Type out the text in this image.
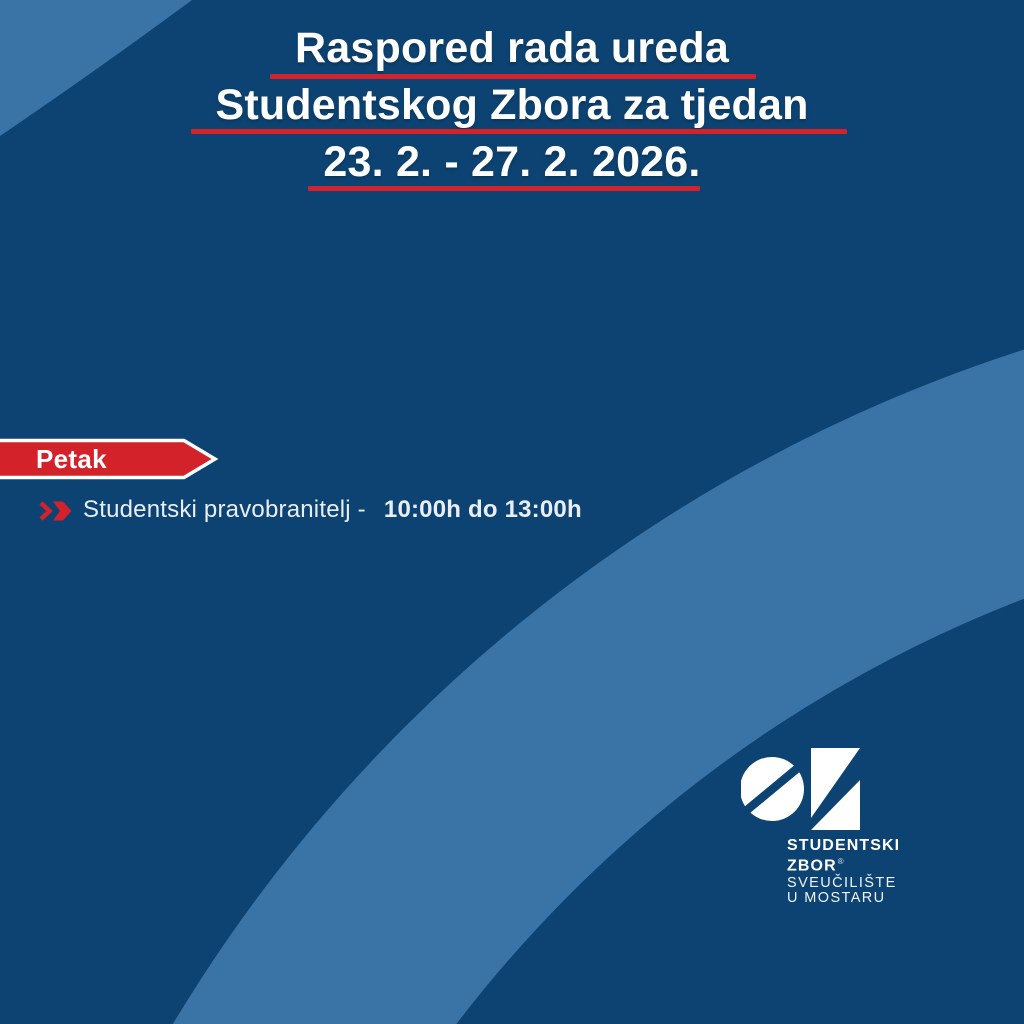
Raspored rada ureda
Studentskog Zbora za tjedan
23. 2. - 27. 2. 2026.
Petak
Studentski pravobranitelj - 10:00h do 13:00h
STUDENTSKI
ZBOR®
SVEUČILIŠTE
U MOSTARU
